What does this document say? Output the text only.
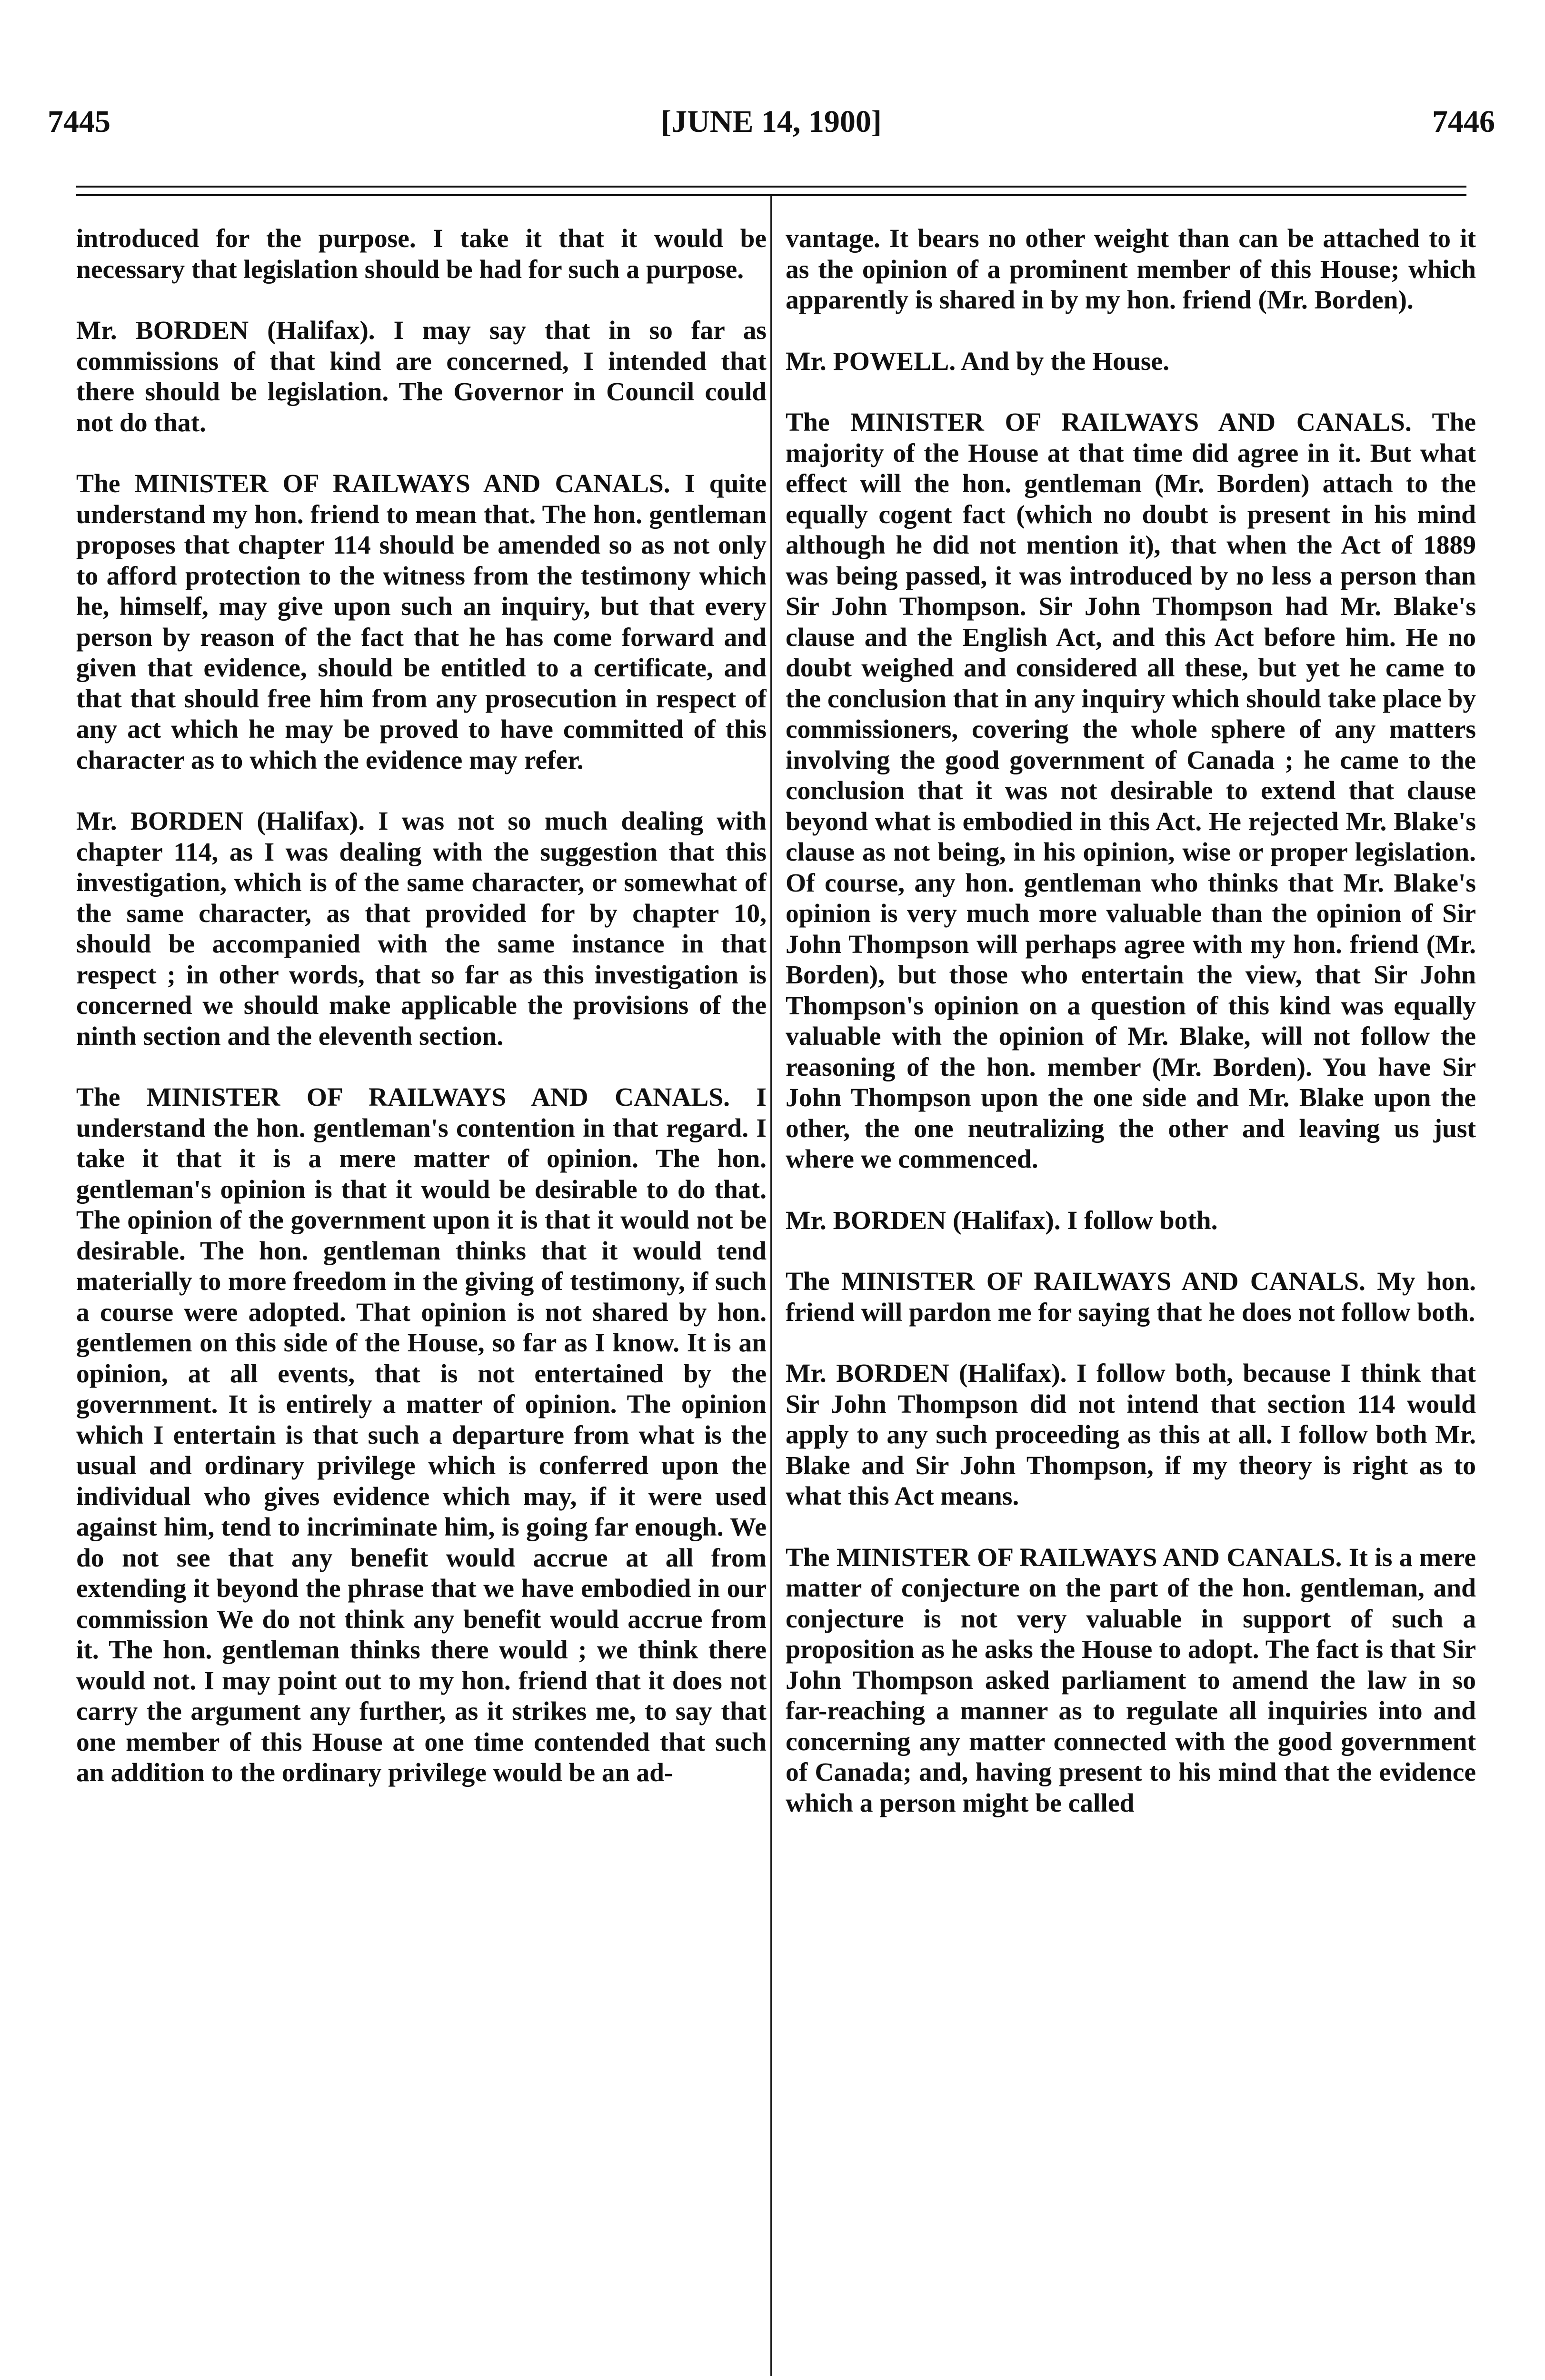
7445	[JUNE 14, 1900]	7446

introduced for the purpose. I take it that it would be necessary that legislation should be had for such a purpose.

Mr. BORDEN (Halifax). I may say that in so far as commissions of that kind are concerned, I intended that there should be legislation. The Governor in Council could not do that.

The MINISTER OF RAILWAYS AND CANALS. I quite understand my hon. friend to mean that. The hon. gentleman proposes that chapter 114 should be amended so as not only to afford protection to the witness from the testimony which he, himself, may give upon such an inquiry, but that every person by reason of the fact that he has come forward and given that evidence, should be entitled to a certificate, and that that should free him from any prosecution in respect of any act which he may be proved to have committed of this character as to which the evidence may refer.

Mr. BORDEN (Halifax). I was not so much dealing with chapter 114, as I was dealing with the suggestion that this investigation, which is of the same character, or somewhat of the same character, as that provided for by chapter 10, should be accompanied with the same instance in that respect ; in other words, that so far as this investigation is concerned we should make applicable the provisions of the ninth section and the eleventh section.

The MINISTER OF RAILWAYS AND CANALS. I understand the hon. gentleman's contention in that regard. I take it that it is a mere matter of opinion. The hon. gentleman's opinion is that it would be desirable to do that. The opinion of the government upon it is that it would not be desirable. The hon. gentleman thinks that it would tend materially to more freedom in the giving of testimony, if such a course were adopted. That opinion is not shared by hon. gentlemen on this side of the House, so far as I know. It is an opinion, at all events, that is not entertained by the government. It is entirely a matter of opinion. The opinion which I entertain is that such a departure from what is the usual and ordinary privilege which is conferred upon the individual who gives evidence which may, if it were used against him, tend to incriminate him, is going far enough. We do not see that any benefit would accrue at all from extending it beyond the phrase that we have embodied in our commission We do not think any benefit would accrue from it. The hon. gentleman thinks there would ; we think there would not. I may point out to my hon. friend that it does not carry the argument any further, as it strikes me, to say that one member of this House at one time contended that such an addition to the ordinary privilege would be an ad-

vantage. It bears no other weight than can be attached to it as the opinion of a prominent member of this House; which apparently is shared in by my hon. friend (Mr. Borden).

Mr. POWELL. And by the House.

The MINISTER OF RAILWAYS AND CANALS. The majority of the House at that time did agree in it. But what effect will the hon. gentleman (Mr. Borden) attach to the equally cogent fact (which no doubt is present in his mind although he did not mention it), that when the Act of 1889 was being passed, it was introduced by no less a person than Sir John Thompson. Sir John Thompson had Mr. Blake's clause and the English Act, and this Act before him. He no doubt weighed and considered all these, but yet he came to the conclusion that in any inquiry which should take place by commissioners, covering the whole sphere of any matters involving the good government of Canada ; he came to the conclusion that it was not desirable to extend that clause beyond what is embodied in this Act. He rejected Mr. Blake's clause as not being, in his opinion, wise or proper legislation. Of course, any hon. gentleman who thinks that Mr. Blake's opinion is very much more valuable than the opinion of Sir John Thompson will perhaps agree with my hon. friend (Mr. Borden), but those who entertain the view, that Sir John Thompson's opinion on a question of this kind was equally valuable with the opinion of Mr. Blake, will not follow the reasoning of the hon. member (Mr. Borden). You have Sir John Thompson upon the one side and Mr. Blake upon the other, the one neutralizing the other and leaving us just where we commenced.

Mr. BORDEN (Halifax). I follow both.

The MINISTER OF RAILWAYS AND CANALS. My hon. friend will pardon me for saying that he does not follow both.

Mr. BORDEN (Halifax). I follow both, because I think that Sir John Thompson did not intend that section 114 would apply to any such proceeding as this at all. I follow both Mr. Blake and Sir John Thompson, if my theory is right as to what this Act means.

The MINISTER OF RAILWAYS AND CANALS. It is a mere matter of conjecture on the part of the hon. gentleman, and conjecture is not very valuable in support of such a proposition as he asks the House to adopt. The fact is that Sir John Thompson asked parliament to amend the law in so far-reaching a manner as to regulate all inquiries into and concerning any matter connected with the good government of Canada; and, having present to his mind that the evidence which a person might be called
